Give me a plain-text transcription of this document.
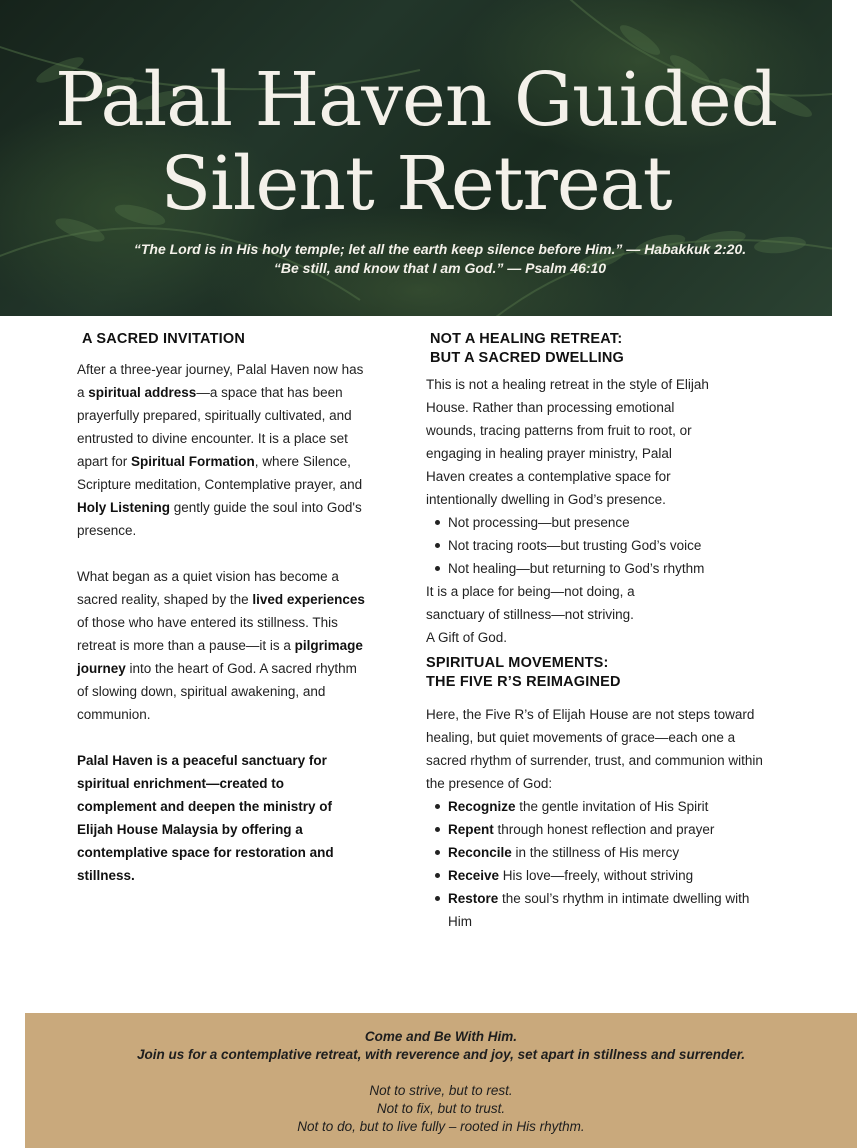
Palal Haven Guided
Silent Retreat
“The Lord is in His holy temple; let all the earth keep silence before Him.” — Habakkuk 2:20.
“Be still, and know that I am God.” — Psalm 46:10
A SACRED INVITATION

After a three-year journey, Palal Haven now has a spiritual address—a space that has been prayerfully prepared, spiritually cultivated, and entrusted to divine encounter. It is a place set apart for Spiritual Formation, where Silence, Scripture meditation, Contemplative prayer, and Holy Listening gently guide the soul into God's presence.

What began as a quiet vision has become a sacred reality, shaped by the lived experiences of those who have entered its stillness. This retreat is more than a pause—it is a pilgrimage journey into the heart of God. A sacred rhythm of slowing down, spiritual awakening, and communion.

Palal Haven is a peaceful sanctuary for spiritual enrichment—created to complement and deepen the ministry of Elijah House Malaysia by offering a contemplative space for restoration and stillness.

NOT A HEALING RETREAT:
BUT A SACRED DWELLING

This is not a healing retreat in the style of Elijah House. Rather than processing emotional wounds, tracing patterns from fruit to root, or engaging in healing prayer ministry, Palal Haven creates a contemplative space for intentionally dwelling in God’s presence.

Not processing—but presence
Not tracing roots—but trusting God’s voice
Not healing—but returning to God’s rhythm

It is a place for being—not doing, a sanctuary of stillness—not striving.

A Gift of God.

SPIRITUAL MOVEMENTS:
THE FIVE R’S REIMAGINED

Here, the Five R’s of Elijah House are not steps toward healing, but quiet movements of grace—each one a sacred rhythm of surrender, trust, and communion within the presence of God:

Recognize the gentle invitation of His Spirit
Repent through honest reflection and prayer
Reconcile in the stillness of His mercy
Receive His love—freely, without striving
Restore the soul’s rhythm in intimate dwelling with Him
Come and Be With Him.
Join us for a contemplative retreat, with reverence and joy, set apart in stillness and surrender.
Not to strive, but to rest.
Not to fix, but to trust.
Not to do, but to live fully – rooted in His rhythm.
